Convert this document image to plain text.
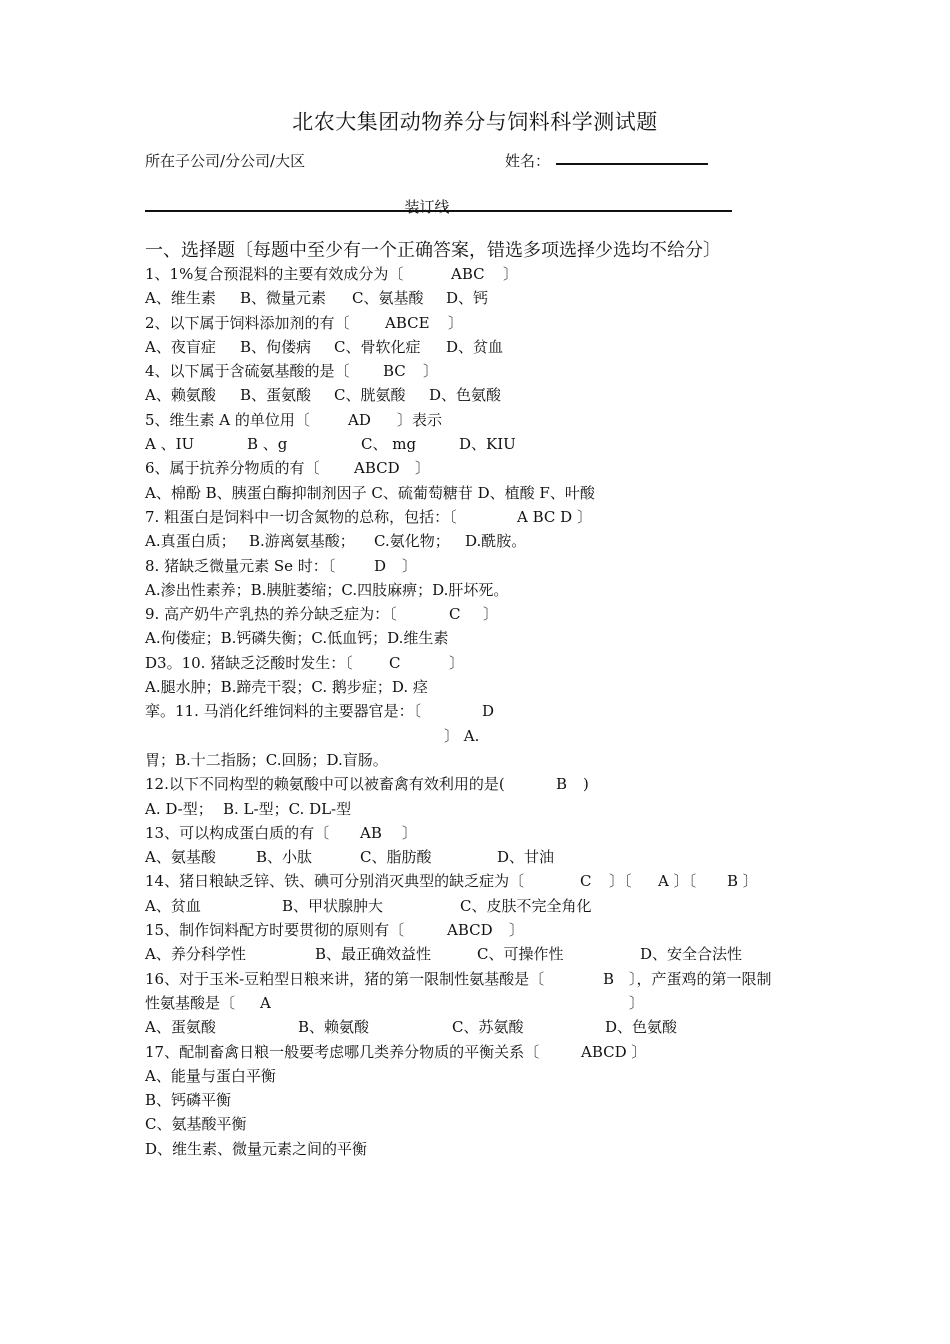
北农大集团动物养分与饲料科学测试题
所在子公司/分公司/大区	姓名：
装订线
一、选择题〔每题中至少有一个正确答案，错选多项选择少选均不给分〕
1、1%复合预混料的主要有效成分为〔	ABC 〕
A、维生素 B、微量元素 C、氨基酸 D、钙
2、以下属于饲料添加剂的有〔 ABCE 〕
A、夜盲症 B、佝偻病 C、骨软化症 D、贫血
4、以下属于含硫氨基酸的是〔 BC 〕
A、赖氨酸 B、蛋氨酸 C、胱氨酸 D、色氨酸
5、维生素 A 的单位用〔	AD 〕表示
A 、IU	B 、g	C、 mg	D、KIU
6、属于抗养分物质的有〔 ABCD 〕
A、棉酚 B、胰蛋白酶抑制剂因子 C、硫葡萄糖苷 D、植酸 F、叶酸
7. 粗蛋白是饲料中一切含氮物的总称，包括：〔	A BC D 〕
A.真蛋白质； B.游离氨基酸； C.氨化物； D.酰胺。
8. 猪缺乏微量元素 Se 时：〔	D 〕
A.渗出性素养；B.胰脏萎缩；C.四肢麻痹；D.肝坏死。
9. 高产奶牛产乳热的养分缺乏症为：〔	C 〕
A.佝偻症；B.钙磷失衡；C.低血钙；D.维生素
D3。10. 猪缺乏泛酸时发生：〔 C	〕
A.腿水肿；B.蹄壳干裂；C. 鹅步症；D. 痉
挛。11. 马消化纤维饲料的主要器官是：〔	D
〕 A.
胃；B.十二指肠；C.回肠；D.盲肠。
12.以下不同构型的赖氨酸中可以被畜禽有效利用的是(	B )
A. D-型； B. L-型；C. DL-型
13、可以构成蛋白质的有〔 AB 〕
A、氨基酸	B、小肽	C、脂肪酸	D、甘油
14、猪日粮缺乏锌、铁、碘可分别消灭典型的缺乏症为〔	C 〕〔 A 〕〔 B 〕
A、贫血	B、甲状腺肿大	C、皮肤不完全角化
15、制作饲料配方时要贯彻的原则有〔	ABCD 〕
A、养分科学性	B、最正确效益性	C、可操作性	D、安全合法性
16、对于玉米-豆粕型日粮来讲，猪的第一限制性氨基酸是〔	B 〕，产蛋鸡的第一限制
性氨基酸是〔 A	〕
A、蛋氨酸	B、赖氨酸	C、苏氨酸	D、色氨酸
17、配制畜禽日粮一般要考虑哪几类养分物质的平衡关系〔	ABCD 〕
A、能量与蛋白平衡
B、钙磷平衡
C、氨基酸平衡
D、维生素、微量元素之间的平衡
